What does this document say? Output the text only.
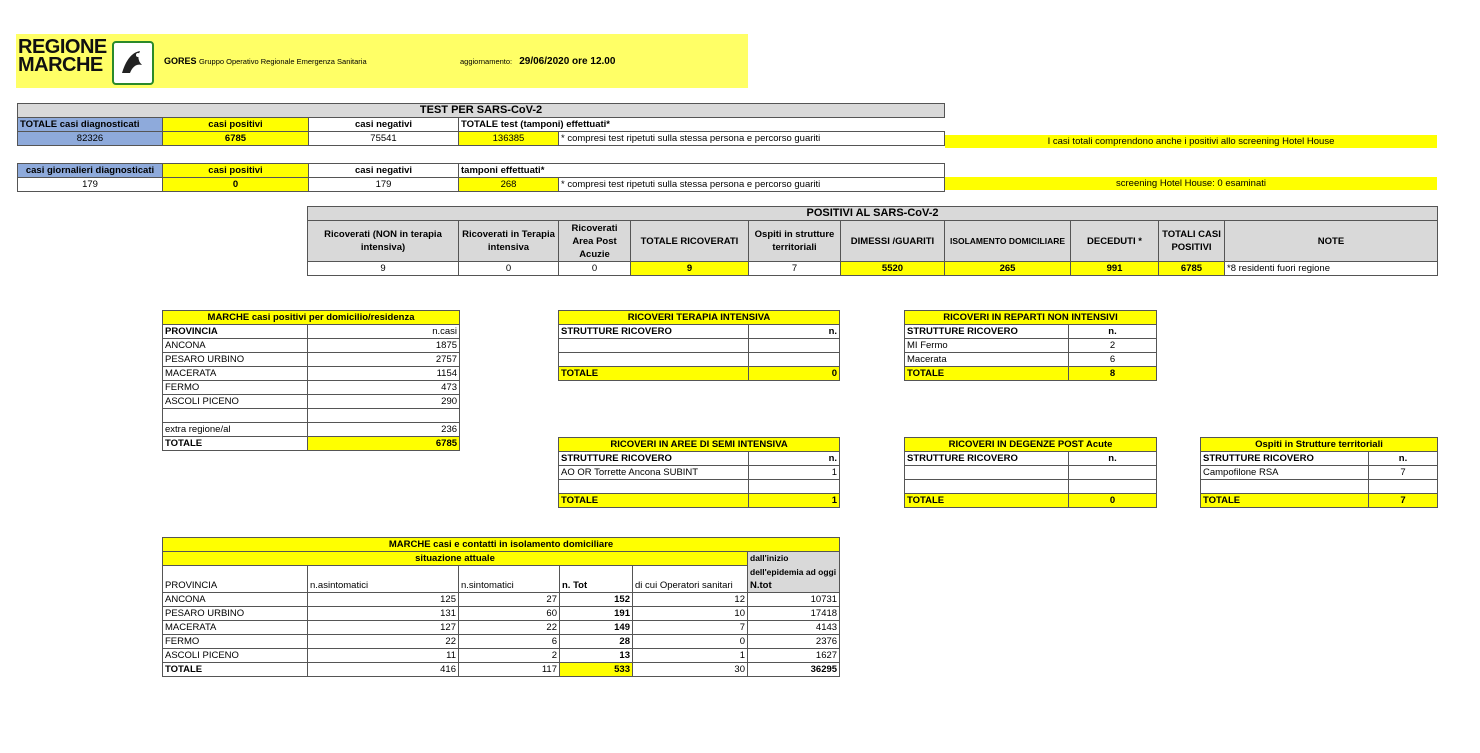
REGIONE
MARCHE	GORES Gruppo Operativo Regionale Emergenza Sanitaria	aggiornamento: 29/06/2020 ore 12.00
TEST PER SARS-CoV-2				
TOTALE casi diagnosticati	casi positivi	casi negativi	TOTALE test (tamponi) effettuati*	
82326	6785	75541	136385	* compresi test ripetuti sulla stessa persona e percorso guariti	I casi totali comprendono anche i positivi allo screening Hotel House
casi giornalieri diagnosticati	casi positivi	casi negativi	tamponi effettuati*	
179	0	179	268	* compresi test ripetuti sulla stessa persona e percorso guariti	screening Hotel House: 0 esaminati
POSITIVI AL SARS-CoV-2									
Ricoverati (NON in terapia intensiva)	Ricoverati in Terapia intensiva	Ricoverati Area Post Acuzie	TOTALE RICOVERATI	Ospiti in strutture territoriali	DIMESSI /GUARITI	ISOLAMENTO DOMICILIARE	DECEDUTI *	TOTALI CASI POSITIVI	NOTE
9	0	0	9	7	5520	265	991	6785	*8 residenti fuori regione
MARCHE casi positivi per domicilio/residenza	
PROVINCIA	n.casi
ANCONA	1875
PESARO URBINO	2757
MACERATA	1154
FERMO	473
ASCOLI PICENO	290

extra regione/al	236
TOTALE	6785
RICOVERI TERAPIA INTENSIVA	
STRUTTURE RICOVERO	n.

TOTALE	0
RICOVERI IN REPARTI NON INTENSIVI	
STRUTTURE RICOVERO	n.
MI Fermo	2
Macerata	6
TOTALE	8
RICOVERI IN AREE DI SEMI INTENSIVA	
STRUTTURE RICOVERO	n.
AO OR Torrette Ancona SUBINT	1

TOTALE	1
RICOVERI IN DEGENZE POST Acute	
STRUTTURE RICOVERO	n.

TOTALE	0
Ospiti in Strutture territoriali	
STRUTTURE RICOVERO	n.
Campofilone RSA	7

TOTALE	7
MARCHE casi e contatti in isolamento domiciliare					
situazione attuale					dall'inizio
					dell'epidemia ad oggi
PROVINCIA	n.asintomatici	n.sintomatici	n. Tot	di cui Operatori sanitari	N.tot
ANCONA	125	27	152	12	10731
PESARO URBINO	131	60	191	10	17418
MACERATA	127	22	149	7	4143
FERMO	22	6	28	0	2376
ASCOLI PICENO	11	2	13	1	1627
TOTALE	416	117	533	30	36295
